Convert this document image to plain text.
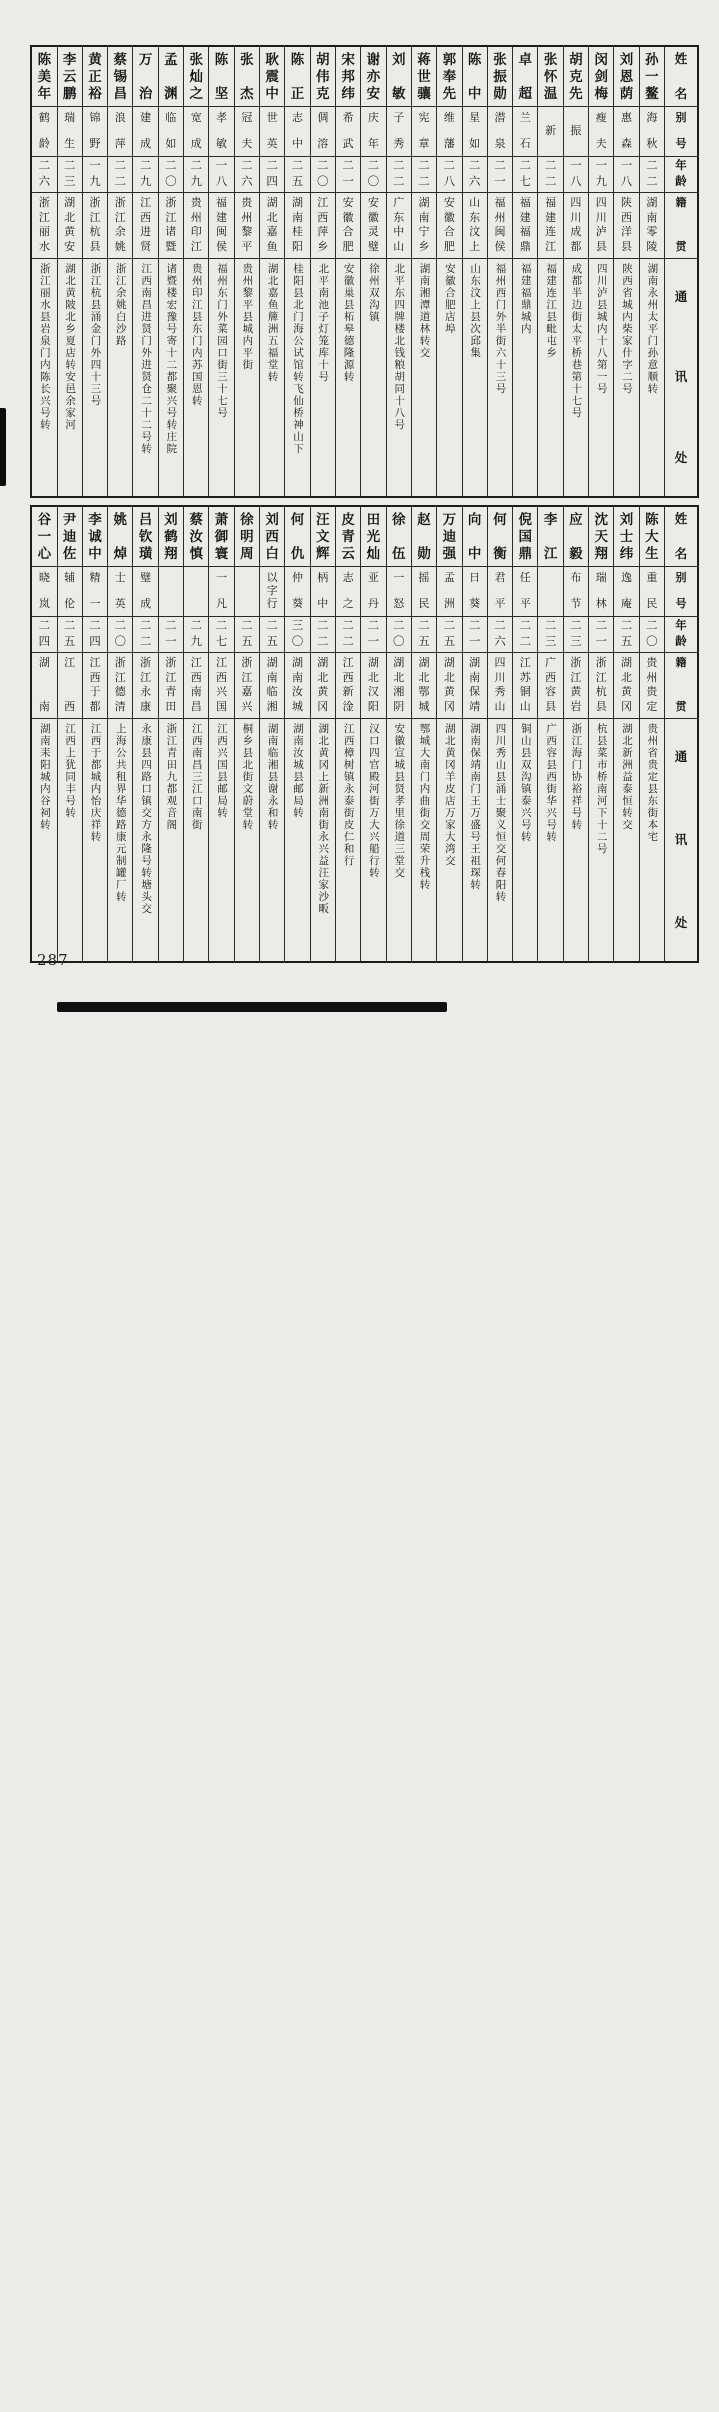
姓
名
别
号
年
龄
籍
贯
通
讯
处
孙
一
鳌
海
秋
二
二
湖
南
零
陵
湖南永州太平门孙意顺转
刘
恩
荫
惠
森
一
八
陕
西
洋
县
陕西省城内柴家什字二号
闵
剑
梅
瘦
夫
一
九
四
川
泸
县
四川泸县城内十八第一号
胡
克
先
振
一
八
四
川
成
都
成都半边街太平桥巷第十七号
张
怀
温
新
二
二
福
建
连
江
福建连江县毗屯乡
卓
超
兰
石
二
七
福
建
福
鼎
福建福鼎城内
张
振
勋
潜
泉
二
一
福
州
闽
侯
福州西门外半街六十三号
陈
中
星
如
二
六
山
东
汶
上
山东汶上县次邱集
郭
奉
先
维
藩
二
八
安
徽
合
肥
安徽合肥店埠
蒋
世
骧
宪
章
二
二
湖
南
宁
乡
湖南湘潭道林转交
刘
敏
子
秀
二
二
广
东
中
山
北平东四牌楼北钱粮胡同十八号
谢
亦
安
庆
年
二
〇
安
徽
灵
璧
徐州双沟镇
宋
邦
纬
希
武
二
一
安
徽
合
肥
安徽巢县柘皋德隆源转
胡
伟
克
倜
溶
二
〇
江
西
萍
乡
北平南池子灯笼库十号
陈
正
志
中
二
五
湖
南
桂
阳
桂阳县北门海公试馆转飞仙桥神山下
耿
震
中
世
英
二
四
湖
北
嘉
鱼
湖北嘉鱼簰洲五福堂转
张
杰
冠
夫
二
六
贵
州
黎
平
贵州黎平县城内平街
陈
坚
孝
敏
一
八
福
建
闽
侯
福州东门外菜园口街三十七号
张
灿
之
宽
成
二
九
贵
州
印
江
贵州印江县东门内苏国恩转
孟
渊
临
如
二
〇
浙
江
诸
暨
诸暨楼宏豫号寄十二都聚兴号转庄院
万
治
建
成
二
九
江
西
进
贤
江西南昌进贤门外进贤仓二十二号转
蔡
锡
昌
浪
萍
二
二
浙
江
余
姚
浙江余姚白沙路
黄
正
裕
锦
野
一
九
浙
江
杭
县
浙江杭县涌金门外四十三号
李
云
鹏
瑞
生
二
三
湖
北
黄
安
湖北黄陂北乡夏店转安邑余家河
陈
美
年
鹤
龄
二
六
浙
江
丽
水
浙江丽水县岩泉门内陈长兴号转
姓
名
别
号
年
龄
籍
贯
通
讯
处
陈
大
生
重
民
二
〇
贵
州
贵
定
贵州省贵定县东街本宅
刘
士
纬
逸
庵
二
五
湖
北
黄
冈
湖北新洲益泰恒转交
沈
天
翔
瑞
林
二
一
浙
江
杭
县
杭县菜市桥南河下十二号
应
毅
布
节
二
三
浙
江
黄
岩
浙江海门协裕祥号转
李
江
二
三
广
西
容
县
广西容县西街华兴号转
倪
国
鼎
任
平
二
二
江
苏
铜
山
铜山县双沟镇泰兴号转
何
衡
君
平
二
六
四
川
秀
山
四川秀山县涌士聚义恒交何春阳转
向
中
日
葵
二
一
湖
南
保
靖
湖南保靖南门王万盛号王祖琛转
万
迪
强
孟
洲
二
五
湖
北
黄
冈
湖北黄冈羊皮店万家大湾交
赵
勋
摇
民
二
五
湖
北
鄂
城
鄂城大南门内曲街交周荣升栈转
徐
伍
一
怒
二
〇
湖
北
湘
阴
安徽宣城县贤孝里徐道三堂交
田
光
灿
亚
丹
二
一
湖
北
汉
阳
汉口四官殿河街万大兴船行转
皮
青
云
志
之
二
二
江
西
新
淦
江西樟树镇永泰街皮仁和行
汪
文
辉
柄
中
二
二
湖
北
黄
冈
湖北黄冈上新洲南街永兴益汪家沙畈
何
仇
仲
葵
三
〇
湖
南
汝
城
湖南汝城县邮局转
刘
西
白
以
字
行
二
五
湖
南
临
湘
湖南临湘县谢永和转
徐
明
周
二
五
浙
江
嘉
兴
桐乡县北街文蔚堂转
萧
御
寰
一
凡
二
七
江
西
兴
国
江西兴国县邮局转
蔡
汝
慎
二
九
江
西
南
昌
江西南昌三江口南街
刘
鹤
翔
二
一
浙
江
青
田
浙江青田九都观音阁
吕
钦
璜
璧
成
二
二
浙
江
永
康
永康县四路口镇交方永隆号转塘头交
姚
焯
士
英
二
〇
浙
江
德
清
上海公共租界华德路康元制罐厂转
李
诚
中
精
一
二
四
江
西
于
都
江西于都城内怡庆祥转
尹
迪
佐
辅
伦
二
五
江
西
江西上犹同丰号转
谷
一
心
晓
岚
二
四
湖
南
湖南耒阳城内谷祠转
287
